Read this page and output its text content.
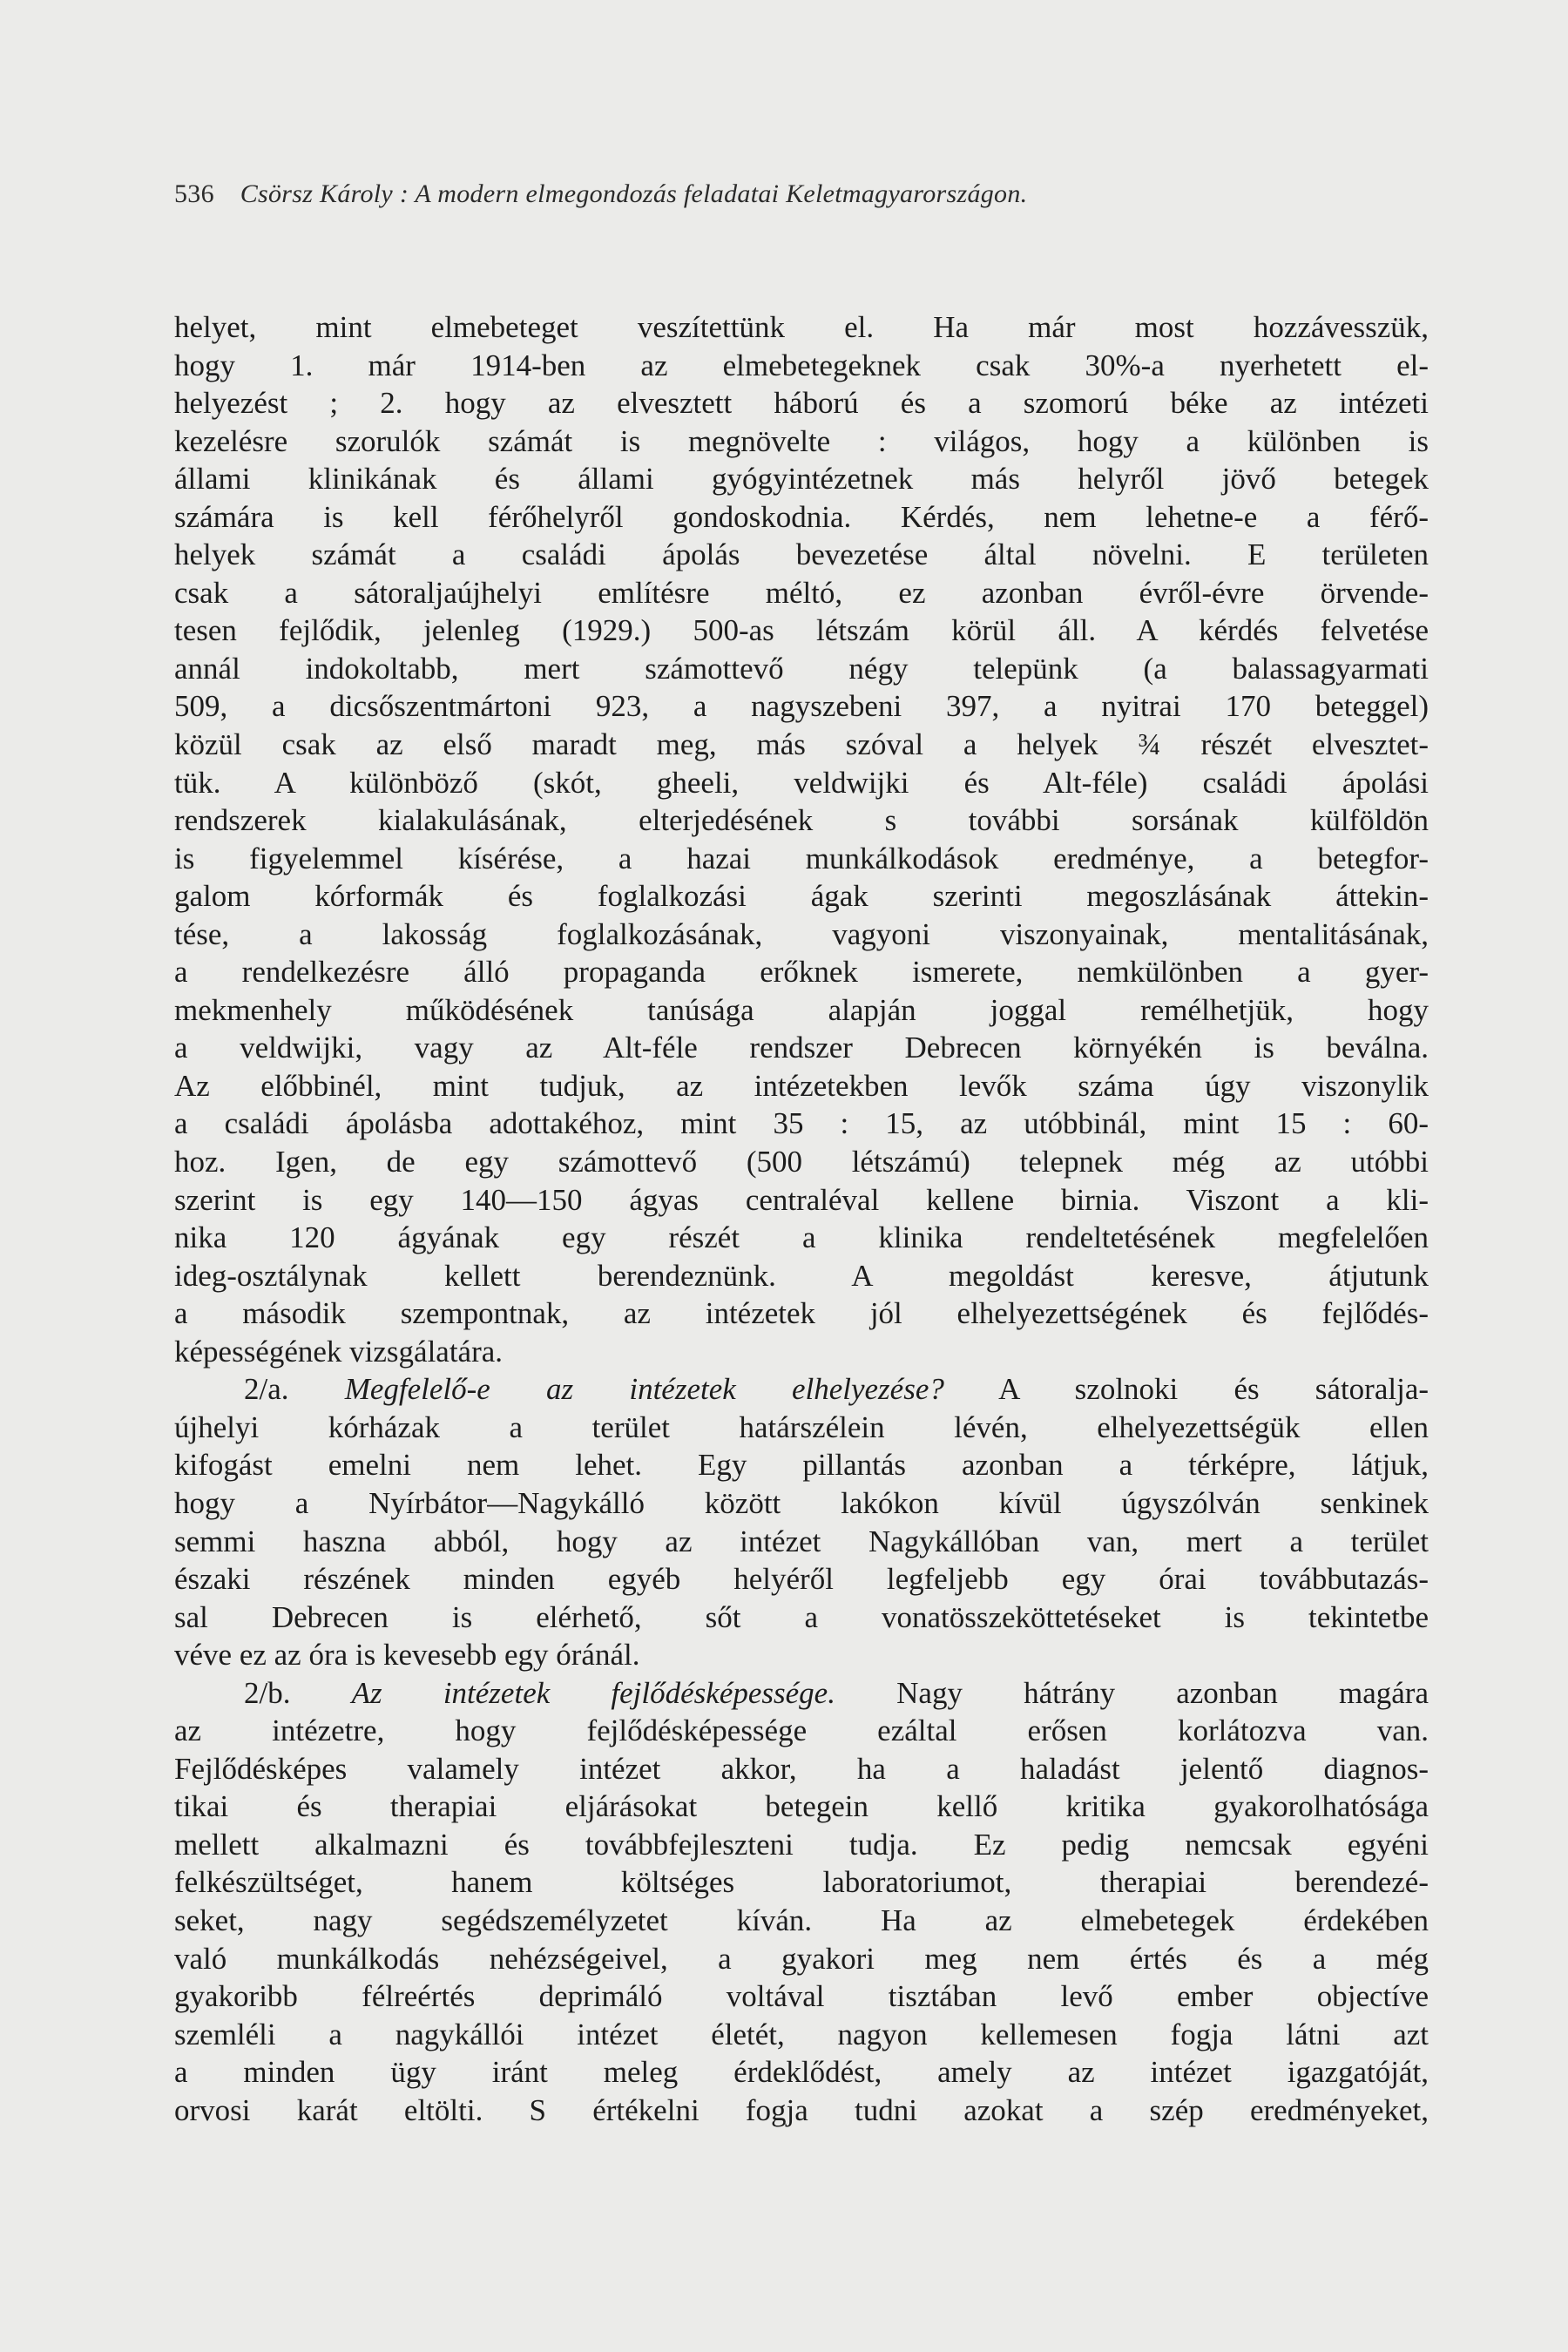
536 Csörsz Károly : A modern elmegondozás feladatai Keletmagyarországon.
helyet, mint elmebeteget veszítettünk el. Ha már most hozzávesszük,
hogy 1. már 1914-ben az elmebetegeknek csak 30%-a nyerhetett el-
helyezést ; 2. hogy az elvesztett háború és a szomorú béke az intézeti
kezelésre szorulók számát is megnövelte : világos, hogy a különben is
állami klinikának és állami gyógyintézetnek más helyről jövő betegek
számára is kell férőhelyről gondoskodnia. Kérdés, nem lehetne-e a férő-
helyek számát a családi ápolás bevezetése által növelni. E területen
csak a sátoraljaújhelyi említésre méltó, ez azonban évről-évre örvende-
tesen fejlődik, jelenleg (1929.) 500-as létszám körül áll. A kérdés felvetése
annál indokoltabb, mert számottevő négy telepünk (a balassagyarmati
509, a dicsőszentmártoni 923, a nagyszebeni 397, a nyitrai 170 beteggel)
közül csak az első maradt meg, más szóval a helyek ¾ részét elvesztet-
tük. A különböző (skót, gheeli, veldwijki és Alt-féle) családi ápolási
rendszerek kialakulásának, elterjedésének s további sorsának külföldön
is figyelemmel kísérése, a hazai munkálkodások eredménye, a betegfor-
galom kórformák és foglalkozási ágak szerinti megoszlásának áttekin-
tése, a lakosság foglalkozásának, vagyoni viszonyainak, mentalitásának,
a rendelkezésre álló propaganda erőknek ismerete, nemkülönben a gyer-
mekmenhely működésének tanúsága alapján joggal remélhetjük, hogy
a veldwijki, vagy az Alt-féle rendszer Debrecen környékén is beválna.
Az előbbinél, mint tudjuk, az intézetekben levők száma úgy viszonylik
a családi ápolásba adottakéhoz, mint 35 : 15, az utóbbinál, mint 15 : 60-
hoz. Igen, de egy számottevő (500 létszámú) telepnek még az utóbbi
szerint is egy 140—150 ágyas centraléval kellene birnia. Viszont a kli-
nika 120 ágyának egy részét a klinika rendeltetésének megfelelően
ideg-osztálynak kellett berendeznünk. A megoldást keresve, átjutunk
a második szempontnak, az intézetek jól elhelyezettségének és fejlődés-
képességének vizsgálatára.
2/a. Megfelelő-e az intézetek elhelyezése? A szolnoki és sátoralja-
újhelyi kórházak a terület határszélein lévén, elhelyezettségük ellen
kifogást emelni nem lehet. Egy pillantás azonban a térképre, látjuk,
hogy a Nyírbátor—Nagykálló között lakókon kívül úgyszólván senkinek
semmi haszna abból, hogy az intézet Nagykállóban van, mert a terület
északi részének minden egyéb helyéről legfeljebb egy órai továbbutazás-
sal Debrecen is elérhető, sőt a vonatösszeköttetéseket is tekintetbe
véve ez az óra is kevesebb egy óránál.
2/b. Az intézetek fejlődésképessége. Nagy hátrány azonban magára
az intézetre, hogy fejlődésképessége ezáltal erősen korlátozva van.
Fejlődésképes valamely intézet akkor, ha a haladást jelentő diagnos-
tikai és therapiai eljárásokat betegein kellő kritika gyakorolhatósága
mellett alkalmazni és továbbfejleszteni tudja. Ez pedig nemcsak egyéni
felkészültséget, hanem költséges laboratoriumot, therapiai berendezé-
seket, nagy segédszemélyzetet kíván. Ha az elmebetegek érdekében
való munkálkodás nehézségeivel, a gyakori meg nem értés és a még
gyakoribb félreértés deprimáló voltával tisztában levő ember objectíve
szemléli a nagykállói intézet életét, nagyon kellemesen fogja látni azt
a minden ügy iránt meleg érdeklődést, amely az intézet igazgatóját,
orvosi karát eltölti. S értékelni fogja tudni azokat a szép eredményeket,
